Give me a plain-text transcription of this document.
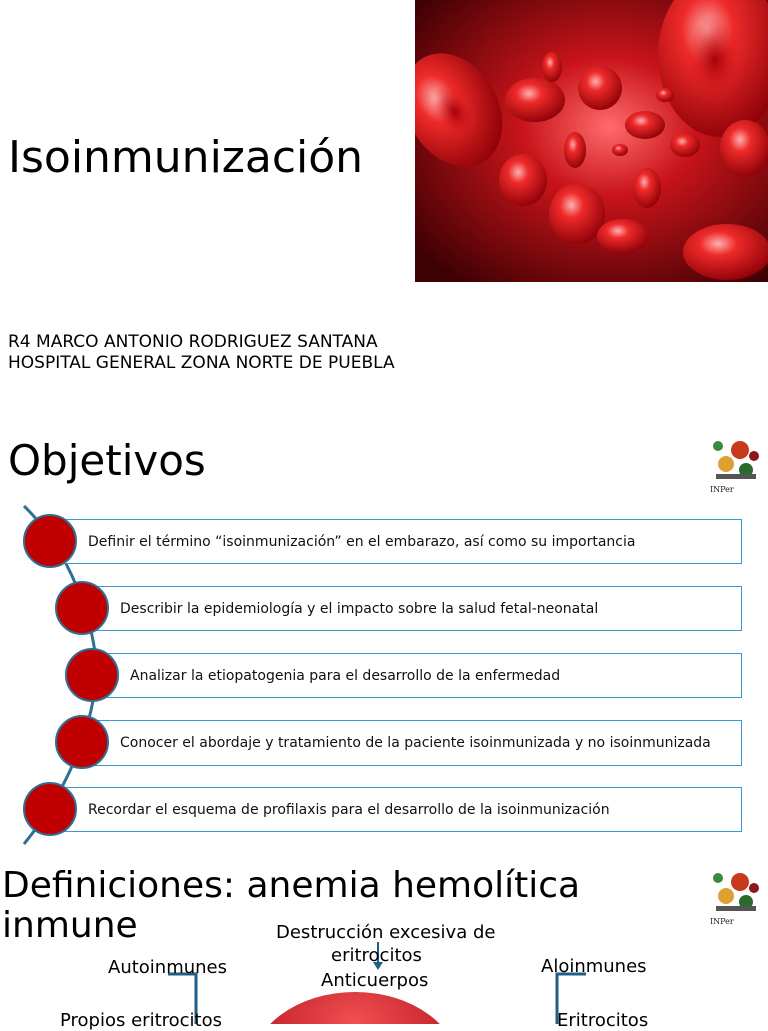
Isoinmunización
R4 MARCO ANTONIO RODRIGUEZ SANTANA
HOSPITAL GENERAL ZONA NORTE DE PUEBLA
Objetivos
INPer
Definir el término “isoinmunización” en el embarazo, así como su importancia
Describir la epidemiología y el impacto sobre la salud fetal-neonatal
Analizar la etiopatogenia para el desarrollo de la enfermedad
Conocer el abordaje y tratamiento de la paciente isoinmunizada y no isoinmunizada
Recordar el esquema de profilaxis para el desarrollo de la isoinmunización
Definiciones: anemia hemolítica
inmune	INPer
Destrucción excesiva de
eritrocitos
Anticuerpos
Autoinmunes	Aloinmunes
Propios eritrocitos	Eritrocitos
